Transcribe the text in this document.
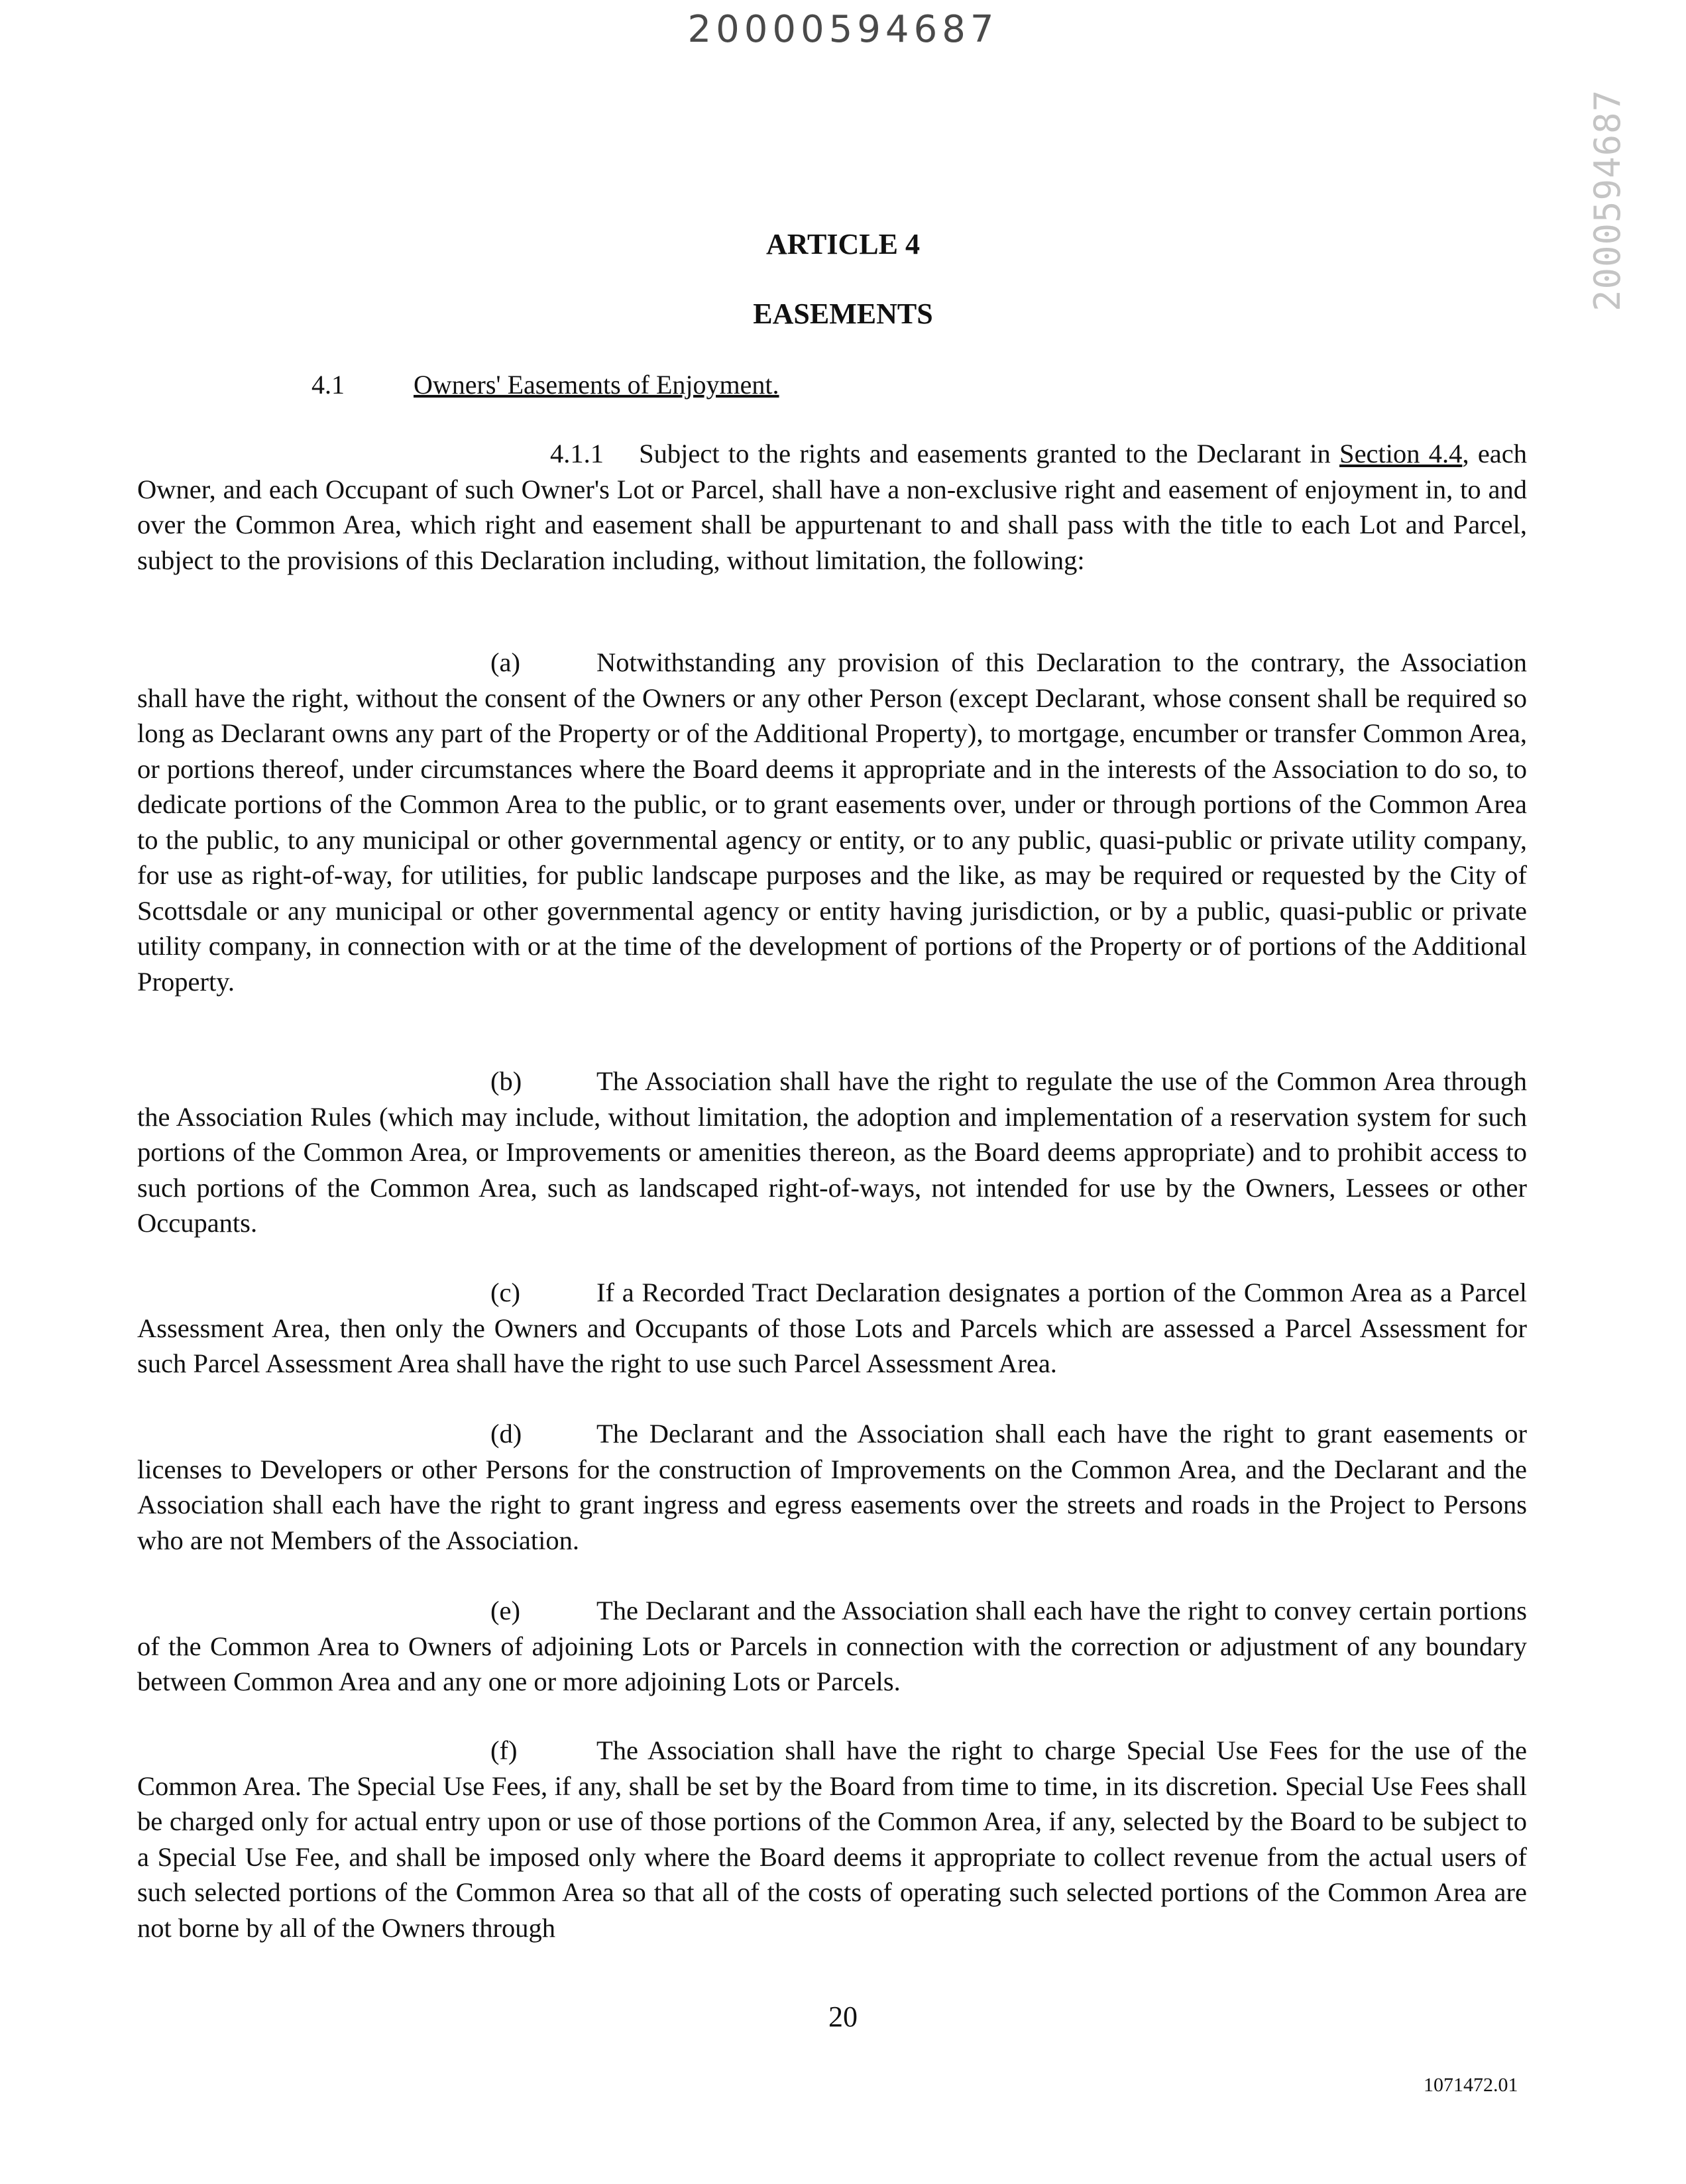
20000594687
2000594687
ARTICLE 4
EASEMENTS
4.1	Owners' Easements of Enjoyment.

4.1.1 Subject to the rights and easements granted to the Declarant in Section 4.4, each Owner, and each Occupant of such Owner's Lot or Parcel, shall have a non-exclusive right and easement of enjoyment in, to and over the Common Area, which right and easement shall be appurtenant to and shall pass with the title to each Lot and Parcel, subject to the provisions of this Declaration including, without limitation, the following:

(a)	Notwithstanding any provision of this Declaration to the contrary, the Association shall have the right, without the consent of the Owners or any other Person (except Declarant, whose consent shall be required so long as Declarant owns any part of the Property or of the Additional Property), to mortgage, encumber or transfer Common Area, or portions thereof, under circumstances where the Board deems it appropriate and in the interests of the Association to do so, to dedicate portions of the Common Area to the public, or to grant easements over, under or through portions of the Common Area to the public, to any municipal or other governmental agency or entity, or to any public, quasi-public or private utility company, for use as right-of-way, for utilities, for public landscape purposes and the like, as may be required or requested by the City of Scottsdale or any municipal or other governmental agency or entity having jurisdiction, or by a public, quasi-public or private utility company, in connection with or at the time of the development of portions of the Property or of portions of the Additional Property.

(b)	The Association shall have the right to regulate the use of the Common Area through the Association Rules (which may include, without limitation, the adoption and implementation of a reservation system for such portions of the Common Area, or Improvements or amenities thereon, as the Board deems appropriate) and to prohibit access to such portions of the Common Area, such as landscaped right-of-ways, not intended for use by the Owners, Lessees or other Occupants.

(c)	If a Recorded Tract Declaration designates a portion of the Common Area as a Parcel Assessment Area, then only the Owners and Occupants of those Lots and Parcels which are assessed a Parcel Assessment for such Parcel Assessment Area shall have the right to use such Parcel Assessment Area.

(d)	The Declarant and the Association shall each have the right to grant easements or licenses to Developers or other Persons for the construction of Improvements on the Common Area, and the Declarant and the Association shall each have the right to grant ingress and egress easements over the streets and roads in the Project to Persons who are not Members of the Association.

(e)	The Declarant and the Association shall each have the right to convey certain portions of the Common Area to Owners of adjoining Lots or Parcels in connection with the correction or adjustment of any boundary between Common Area and any one or more adjoining Lots or Parcels.

(f)	The Association shall have the right to charge Special Use Fees for the use of the Common Area. The Special Use Fees, if any, shall be set by the Board from time to time, in its discretion. Special Use Fees shall be charged only for actual entry upon or use of those portions of the Common Area, if any, selected by the Board to be subject to a Special Use Fee, and shall be imposed only where the Board deems it appropriate to collect revenue from the actual users of such selected portions of the Common Area so that all of the costs of operating such selected portions of the Common Area are not borne by all of the Owners through

20
1071472.01
